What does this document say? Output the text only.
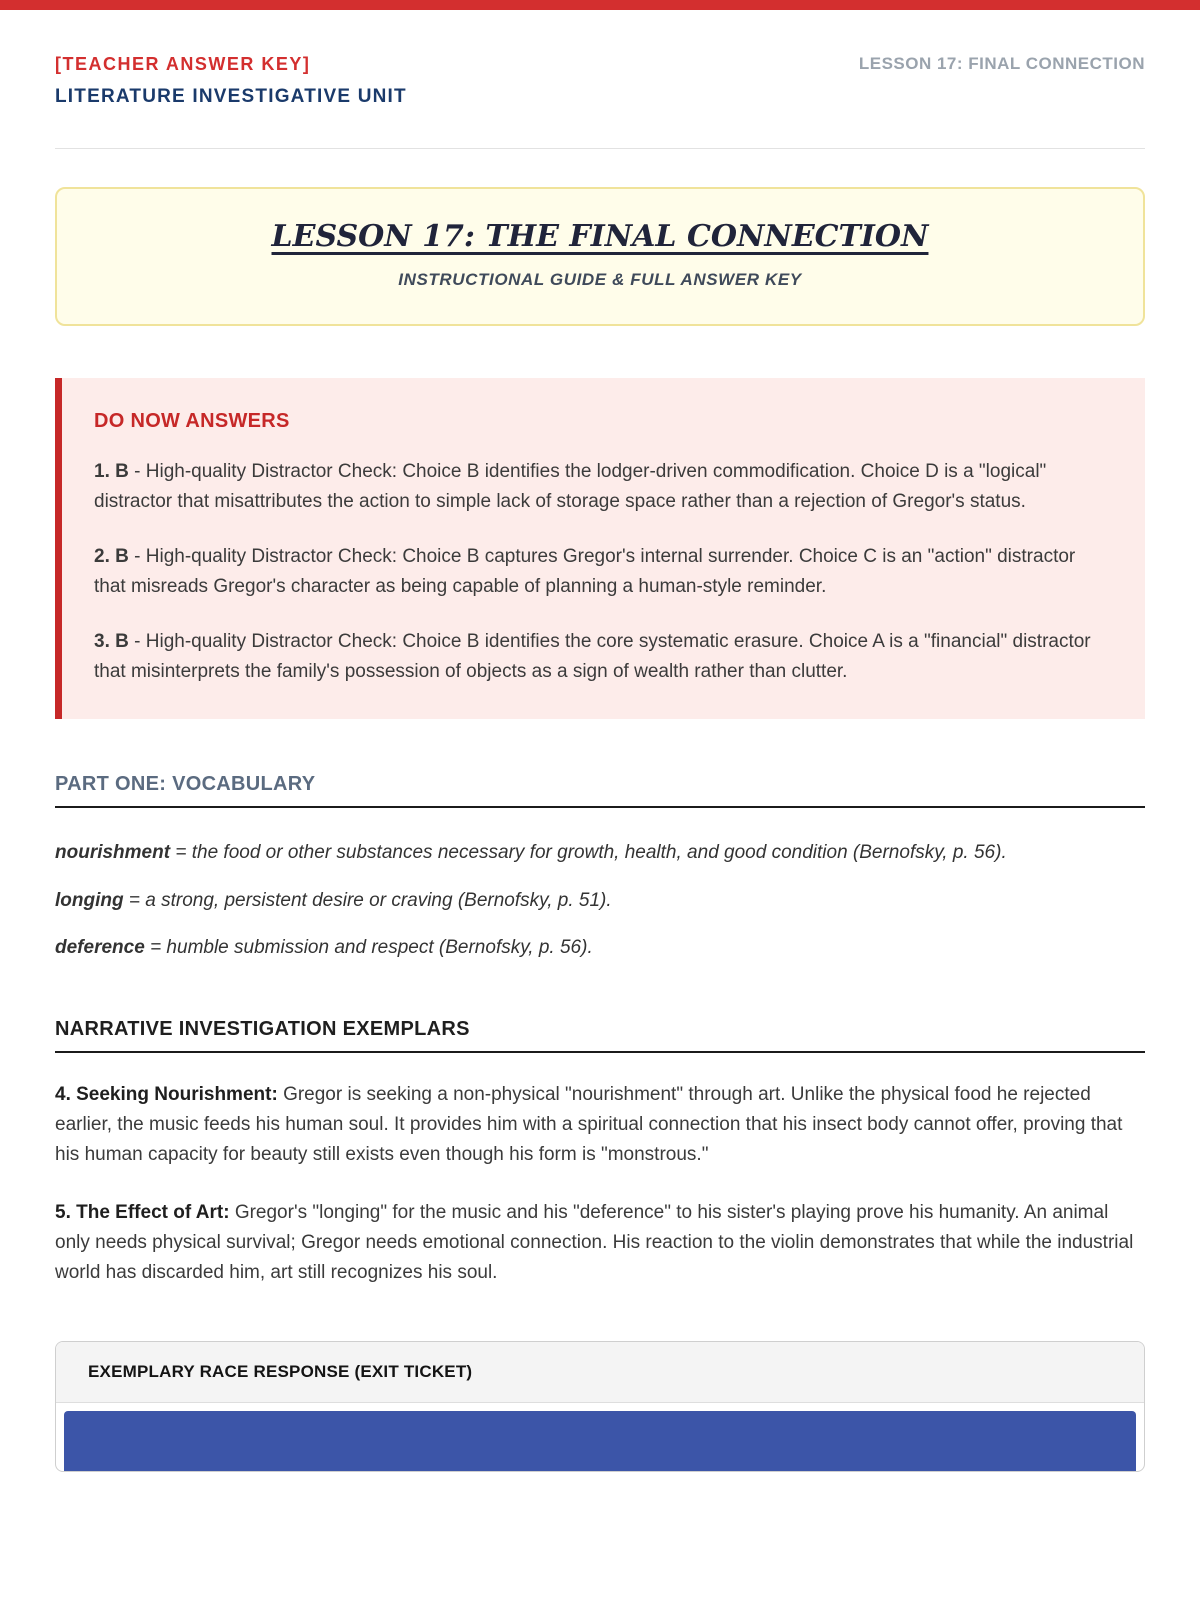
[TEACHER ANSWER KEY]
LITERATURE INVESTIGATIVE UNIT
LESSON 17: FINAL CONNECTION
LESSON 17: THE FINAL CONNECTION
INSTRUCTIONAL GUIDE & FULL ANSWER KEY
DO NOW ANSWERS

1. B - High-quality Distractor Check: Choice B identifies the lodger-driven commodification. Choice D is a "logical" distractor that misattributes the action to simple lack of storage space rather than a rejection of Gregor's status.

2. B - High-quality Distractor Check: Choice B captures Gregor's internal surrender. Choice C is an "action" distractor that misreads Gregor's character as being capable of planning a human-style reminder.

3. B - High-quality Distractor Check: Choice B identifies the core systematic erasure. Choice A is a "financial" distractor that misinterprets the family's possession of objects as a sign of wealth rather than clutter.

PART ONE: VOCABULARY

nourishment = the food or other substances necessary for growth, health, and good condition (Bernofsky, p. 56).

longing = a strong, persistent desire or craving (Bernofsky, p. 51).

deference = humble submission and respect (Bernofsky, p. 56).

NARRATIVE INVESTIGATION EXEMPLARS

4. Seeking Nourishment: Gregor is seeking a non-physical "nourishment" through art. Unlike the physical food he rejected earlier, the music feeds his human soul. It provides him with a spiritual connection that his insect body cannot offer, proving that his human capacity for beauty still exists even though his form is "monstrous."

5. The Effect of Art: Gregor's "longing" for the music and his "deference" to his sister's playing prove his humanity. An animal only needs physical survival; Gregor needs emotional connection. His reaction to the violin demonstrates that while the industrial world has discarded him, art still recognizes his soul.

EXEMPLARY RACE RESPONSE (EXIT TICKET)
